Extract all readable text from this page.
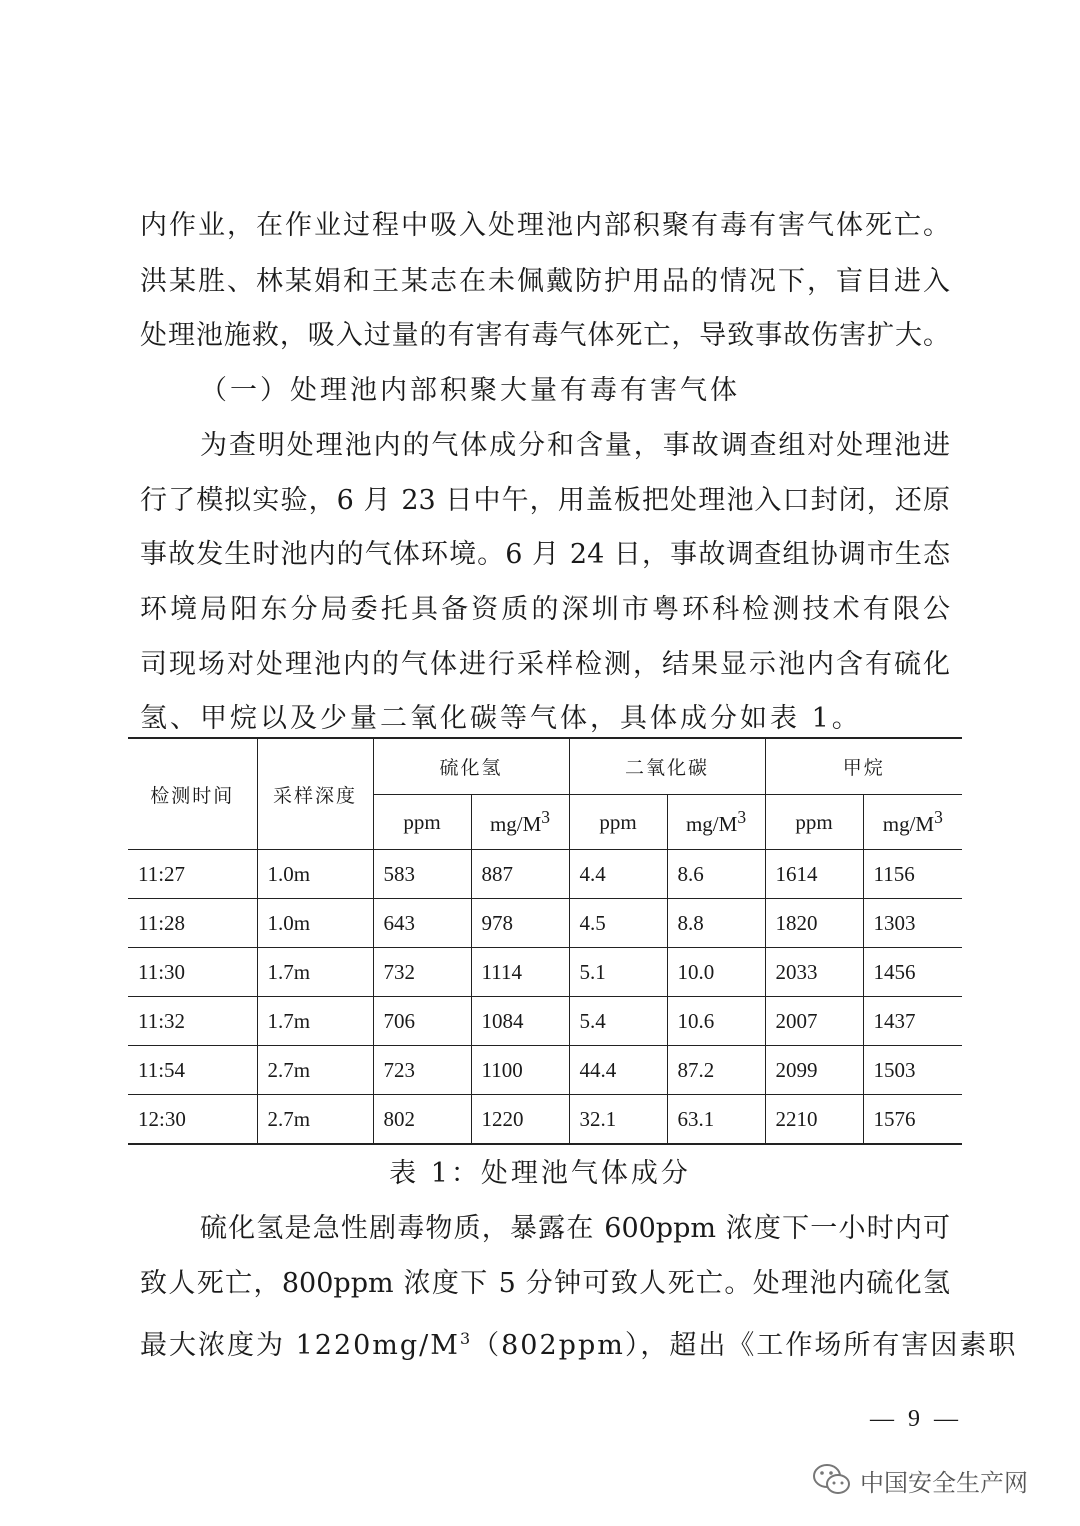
内作业，在作业过程中吸入处理池内部积聚有毒有害气体死亡。
洪某胜、林某娟和王某志在未佩戴防护用品的情况下，盲目进入
处理池施救，吸入过量的有害有毒气体死亡，导致事故伤害扩大。
（一）处理池内部积聚大量有毒有害气体
为查明处理池内的气体成分和含量，事故调查组对处理池进
行了模拟实验，6 月 23 日中午，用盖板把处理池入口封闭，还原
事故发生时池内的气体环境。6 月 24 日，事故调查组协调市生态
环境局阳东分局委托具备资质的深圳市粤环科检测技术有限公
司现场对处理池内的气体进行采样检测，结果显示池内含有硫化
氢、甲烷以及少量二氧化碳等气体，具体成分如表 1。
检测时间	采样深度	硫化氢		二氧化碳		甲烷	
		ppm	$mg/M^3$	ppm	$mg/M^3$	ppm	$mg/M^3$
11:27	1.0m	583	887	4.4	8.6	1614	1156
11:28	1.0m	643	978	4.5	8.8	1820	1303
11:30	1.7m	732	1114	5.1	10.0	2033	1456
11:32	1.7m	706	1084	5.4	10.6	2007	1437
11:54	2.7m	723	1100	44.4	87.2	2099	1503
12:30	2.7m	802	1220	32.1	63.1	2210	1576
表 1：处理池气体成分
硫化氢是急性剧毒物质，暴露在 600ppm 浓度下一小时内可
致人死亡，800ppm 浓度下 5 分钟可致人死亡。处理池内硫化氢
最大浓度为 $1220mg/M^3(802ppm)$，超出《工作场所有害因素职
— 9 —
中国安全生产网
